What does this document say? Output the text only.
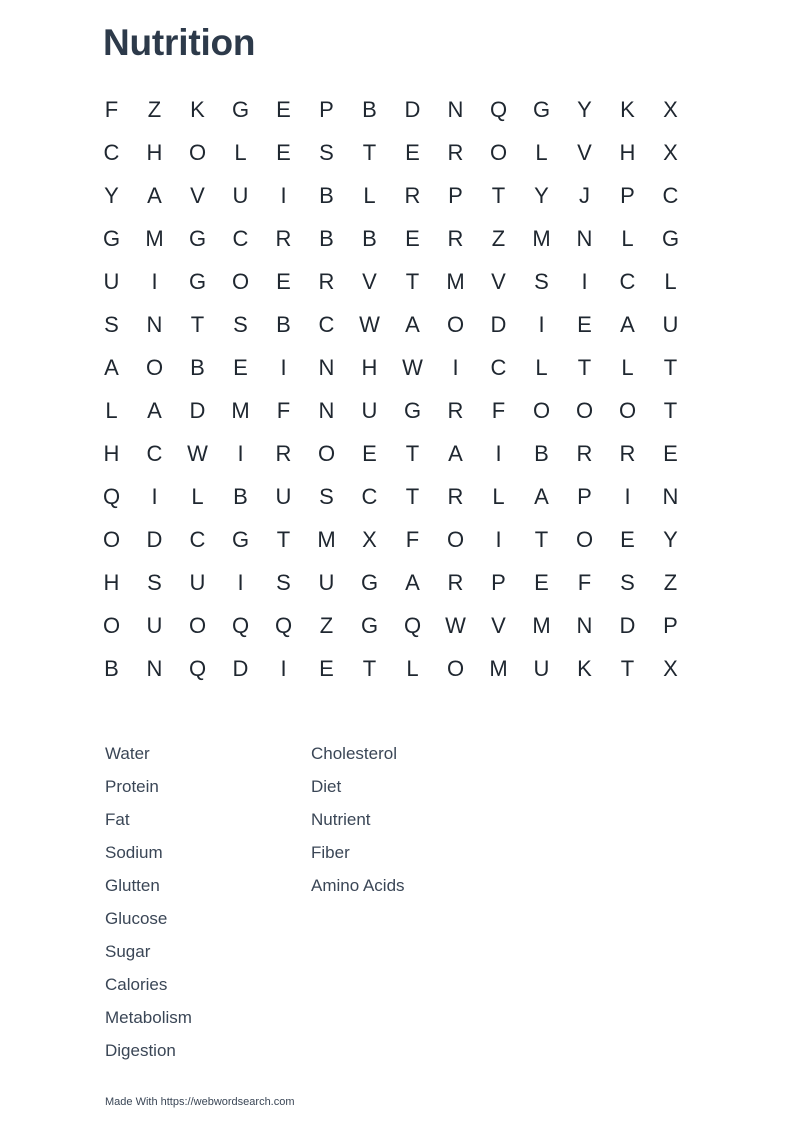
Nutrition
F	Z	K	G	E	P	B	D	N	Q	G	Y	K	X
C	H	O	L	E	S	T	E	R	O	L	V	H	X
Y	A	V	U	I	B	L	R	P	T	Y	J	P	C
G	M	G	C	R	B	B	E	R	Z	M	N	L	G
U	I	G	O	E	R	V	T	M	V	S	I	C	L
S	N	T	S	B	C	W	A	O	D	I	E	A	U
A	O	B	E	I	N	H	W	I	C	L	T	L	T
L	A	D	M	F	N	U	G	R	F	O	O	O	T
H	C	W	I	R	O	E	T	A	I	B	R	R	E
Q	I	L	B	U	S	C	T	R	L	A	P	I	N
O	D	C	G	T	M	X	F	O	I	T	O	E	Y
H	S	U	I	S	U	G	A	R	P	E	F	S	Z
O	U	O	Q	Q	Z	G	Q	W	V	M	N	D	P
B	N	Q	D	I	E	T	L	O	M	U	K	T	X
Water
Protein
Fat
Sodium
Glutten
Glucose
Sugar
Calories
Metabolism
Digestion
Cholesterol
Diet
Nutrient
Fiber
Amino Acids
Made With https://webwordsearch.com
